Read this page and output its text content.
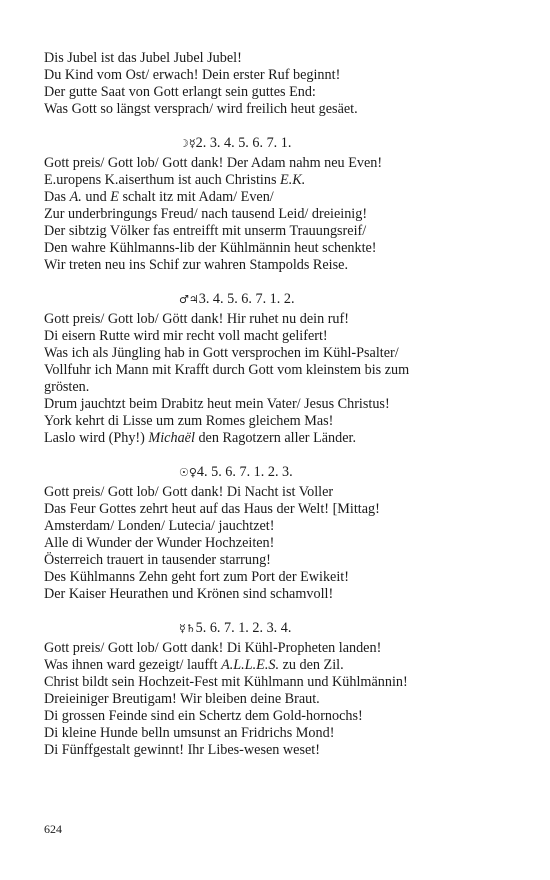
Dis Jubel ist das Jubel Jubel Jubel!
Du Kind vom Ost/ erwach! Dein erster Ruf beginnt!
Der gutte Saat von Gott erlangt sein guttes End:
Was Gott so längst versprach/ wird freilich heut gesäet.
☽☿2. 3. 4. 5. 6. 7. 1.
Gott preis/ Gott lob/ Gott dank! Der Adam nahm neu Even!
E.uropens K.aiserthum ist auch Christins E.K.
Das A. und E schalt itz mit Adam/ Even/
Zur underbringungs Freud/ nach tausend Leid/ dreieinig!
Der sibtzig Völker fas entreifft mit unserm Trauungsreif/
Den wahre Kühlmanns-lib der Kühlmännin heut schenkte!
Wir treten neu ins Schif zur wahren Stampolds Reise.
♂♃3. 4. 5. 6. 7. 1. 2.
Gott preis/ Gott lob/ Gött dank! Hir ruhet nu dein ruf!
Di eisern Rutte wird mir recht voll macht gelifert!
Was ich als Jüngling hab in Gott versprochen im Kühl-Psalter/
Vollfuhr ich Mann mit Krafft durch Gott vom kleinstem bis zum
grösten.
Drum jauchtzt beim Drabitz heut mein Vater/ Jesus Christus!
York kehrt di Lisse um zum Romes gleichem Mas!
Laslo wird (Phy!) Michaël den Ragotzern aller Länder.
☉♀4. 5. 6. 7. 1. 2. 3.
Gott preis/ Gott lob/ Gott dank! Di Nacht ist Voller
Das Feur Gottes zehrt heut auf das Haus der Welt! [Mittag!
Amsterdam/ Londen/ Lutecia/ jauchtzet!
Alle di Wunder der Wunder Hochzeiten!
Österreich trauert in tausender starrung!
Des Kühlmanns Zehn geht fort zum Port der Ewikeit!
Der Kaiser Heurathen und Krönen sind schamvoll!
☿♄5. 6. 7. 1. 2. 3. 4.
Gott preis/ Gott lob/ Gott dank! Di Kühl-Propheten landen!
Was ihnen ward gezeigt/ laufft A.L.L.E.S. zu den Zil.
Christ bildt sein Hochzeit-Fest mit Kühlmann und Kühlmännin!
Dreieiniger Breutigam! Wir bleiben deine Braut.
Di grossen Feinde sind ein Schertz dem Gold-hornochs!
Di kleine Hunde belln umsunst an Fridrichs Mond!
Di Fünffgestalt gewinnt! Ihr Libes-wesen weset!
624
